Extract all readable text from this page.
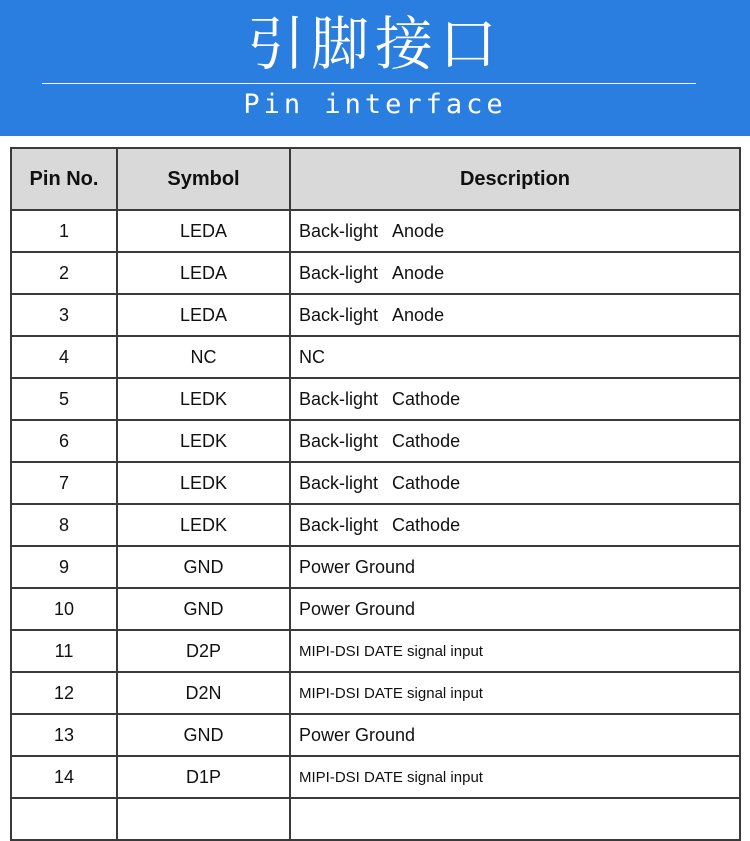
引脚接口
Pin interface
Pin No.	Symbol	Description
1	LEDA	Back-light Anode
2	LEDA	Back-light Anode
3	LEDA	Back-light Anode
4	NC	NC
5	LEDK	Back-light Cathode
6	LEDK	Back-light Cathode
7	LEDK	Back-light Cathode
8	LEDK	Back-light Cathode
9	GND	Power Ground
10	GND	Power Ground
11	D2P	MIPI-DSI DATE signal input
12	D2N	MIPI-DSI DATE signal input
13	GND	Power Ground
14	D1P	MIPI-DSI DATE signal input
